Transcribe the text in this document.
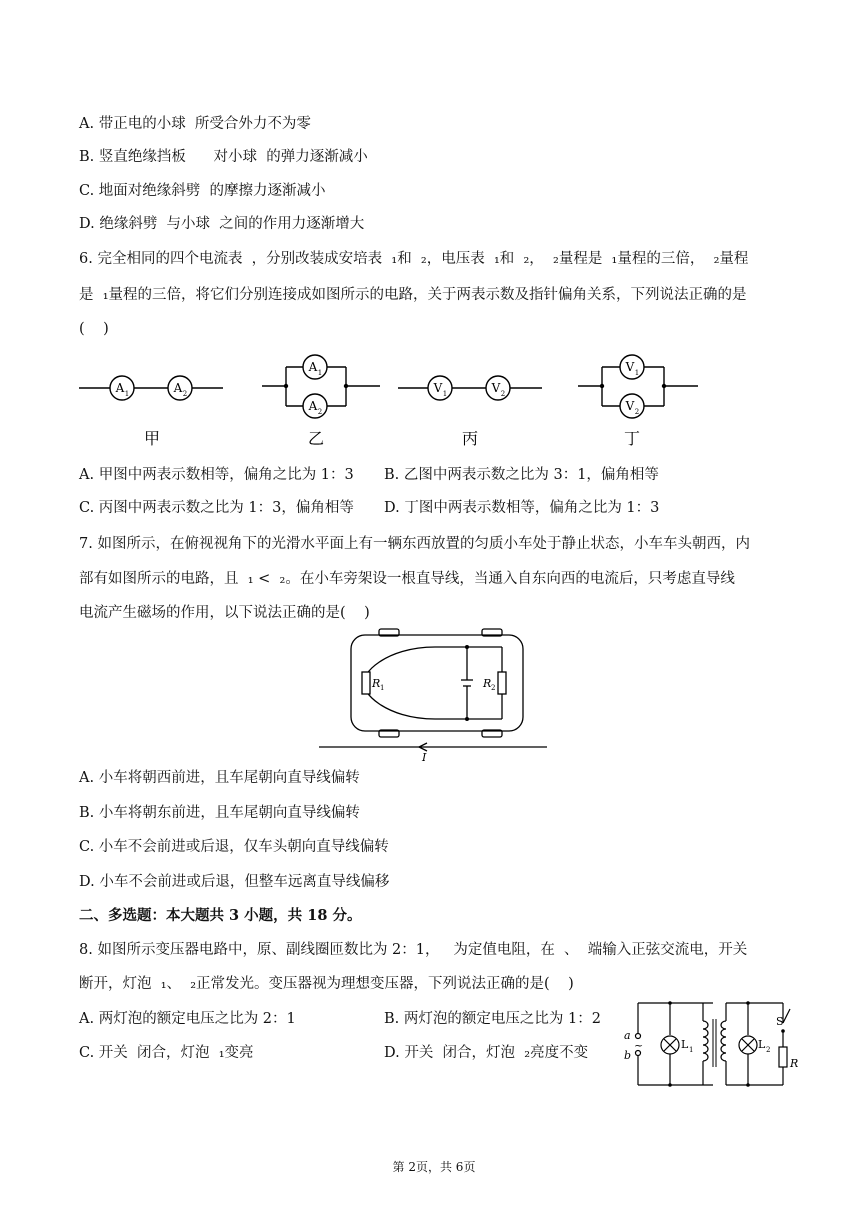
A. 带正电的小球  所受合外力不为零
B. 竖直绝缘挡板      对小球  的弹力逐渐减小
C. 地面对绝缘斜劈  的摩擦力逐渐减小
D. 绝缘斜劈  与小球  之间的作用力逐渐增大
6. 完全相同的四个电流表  ，分别改装成安培表  ₁和  ₂，电压表  ₁和  ₂，  ₂量程是  ₁量程的三倍，  ₂量程
是  ₁量程的三倍，将它们分别连接成如图所示的电路，关于两表示数及指针偏角关系，下列说法正确的是
(    )
A 1	A 2
A 1
A 2
V 1	V 2
V 1
V 2
甲	乙	丙	丁
A. 甲图中两表示数相等，偏角之比为 1：3 B. 乙图中两表示数之比为 3：1，偏角相等
C. 丙图中两表示数之比为 1：3，偏角相等 D. 丁图中两表示数相等，偏角之比为 1：3
7. 如图所示，在俯视视角下的光滑水平面上有一辆东西放置的匀质小车处于静止状态，小车车头朝西，内
部有如图所示的电路，且  ₁ <  ₂。在小车旁架设一根直导线，当通入自东向西的电流后，只考虑直导线
电流产生磁场的作用，以下说法正确的是(    )
R 1	R 2
I
A. 小车将朝西前进，且车尾朝向直导线偏转
B. 小车将朝东前进，且车尾朝向直导线偏转
C. 小车不会前进或后退，仅车头朝向直导线偏转
D. 小车不会前进或后退，但整车远离直导线偏移
二、多选题：本大题共 3 小题，共 18 分。
8. 如图所示变压器电路中，原、副线圈匝数比为 2：1，   为定值电阻，在  、  端输入正弦交流电，开关
断开，灯泡  ₁、  ₂正常发光。变压器视为理想变压器，下列说法正确的是(    )
A. 两灯泡的额定电压之比为 2：1	B. 两灯泡的额定电压之比为 1：2
C. 开关  闭合，灯泡  ₁变亮	D. 开关  闭合，灯泡  ₂亮度不变
a
~
b
R
L 1	L 2
S
第 2页，共 6页
